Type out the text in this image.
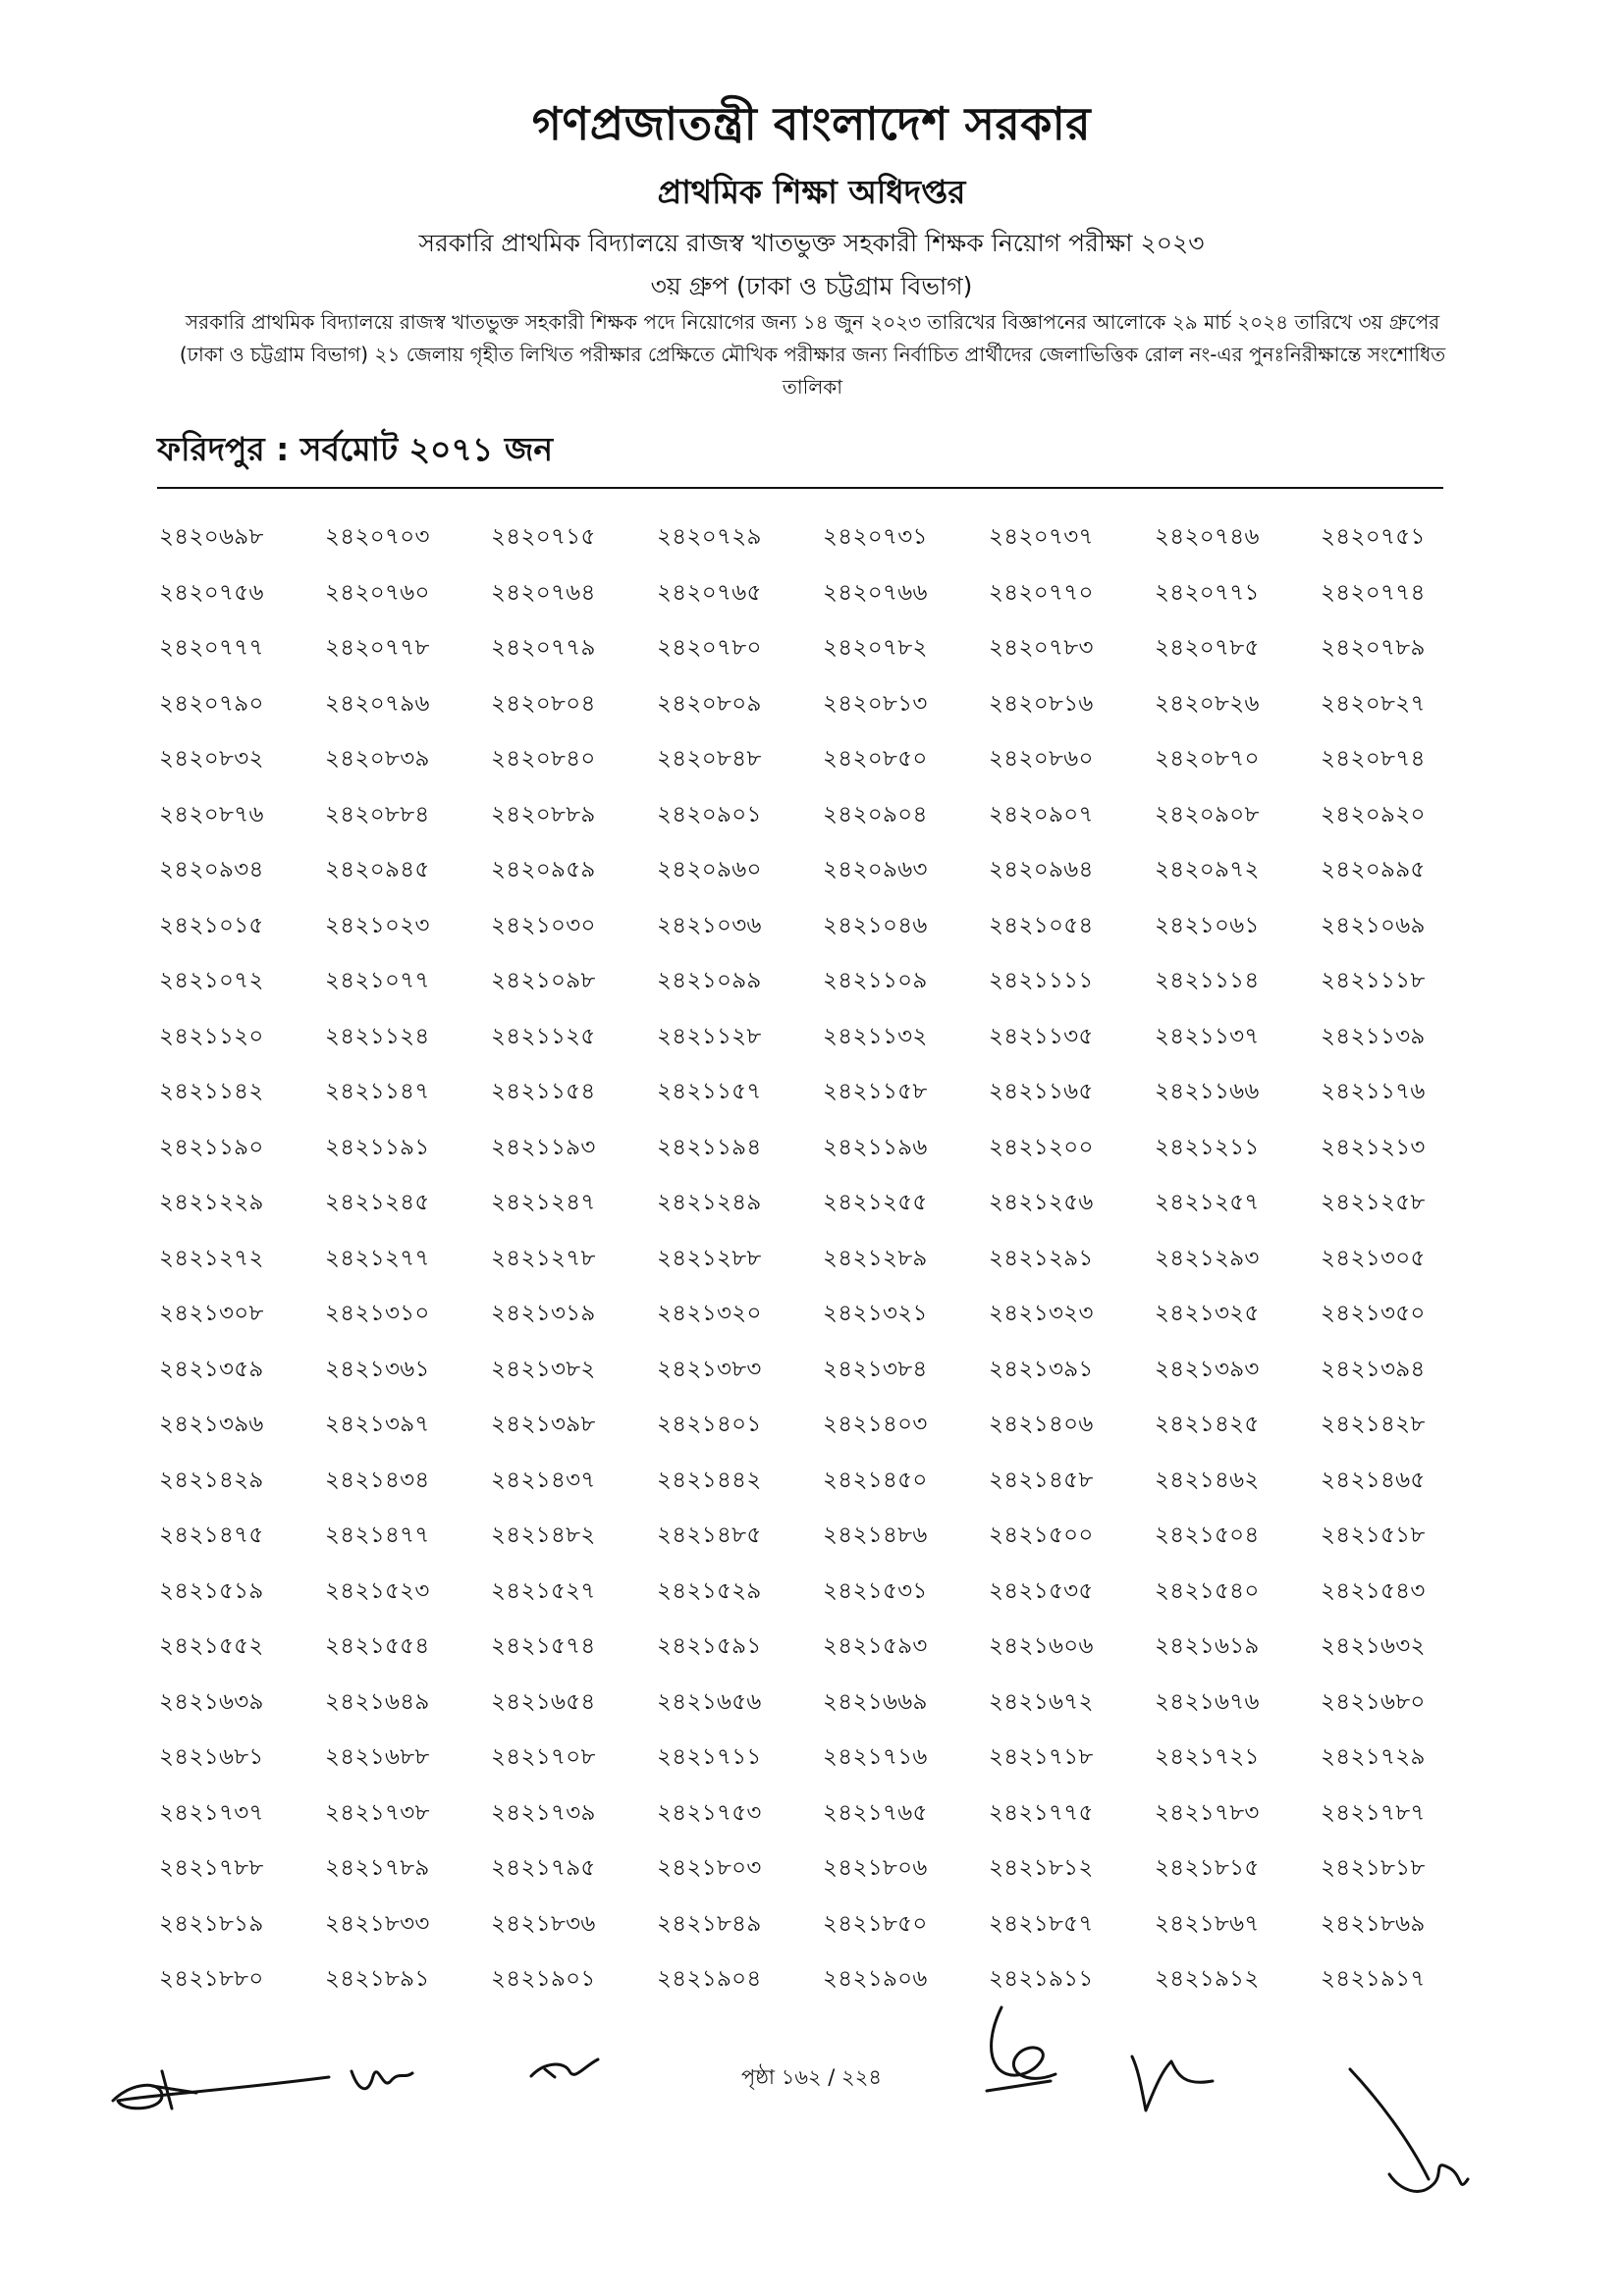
গণপ্রজাতন্ত্রী বাংলাদেশ সরকার
প্রাথমিক শিক্ষা অধিদপ্তর
সরকারি প্রাথমিক বিদ্যালয়ে রাজস্ব খাতভুক্ত সহকারী শিক্ষক নিয়োগ পরীক্ষা ২০২৩
৩য় গ্রুপ (ঢাকা ও চট্টগ্রাম বিভাগ)
সরকারি প্রাথমিক বিদ্যালয়ে রাজস্ব খাতভুক্ত সহকারী শিক্ষক পদে নিয়োগের জন্য ১৪ জুন ২০২৩ তারিখের বিজ্ঞাপনের আলোকে ২৯ মার্চ ২০২৪ তারিখে ৩য় গ্রুপের (ঢাকা ও চট্টগ্রাম বিভাগ) ২১ জেলায় গৃহীত লিখিত পরীক্ষার প্রেক্ষিতে মৌখিক পরীক্ষার জন্য নির্বাচিত প্রার্থীদের জেলাভিত্তিক রোল নং-এর পুনঃনিরীক্ষান্তে সংশোধিত তালিকা
ফরিদপুর : সর্বমোট ২০৭১ জন
২৪২০৬৯৮	২৪২০৭০৩	২৪২০৭১৫	২৪২০৭২৯	২৪২০৭৩১	২৪২০৭৩৭	২৪২০৭৪৬	২৪২০৭৫১
২৪২০৭৫৬	২৪২০৭৬০	২৪২০৭৬৪	২৪২০৭৬৫	২৪২০৭৬৬	২৪২০৭৭০	২৪২০৭৭১	২৪২০৭৭৪
২৪২০৭৭৭	২৪২০৭৭৮	২৪২০৭৭৯	২৪২০৭৮০	২৪২০৭৮২	২৪২০৭৮৩	২৪২০৭৮৫	২৪২০৭৮৯
২৪২০৭৯০	২৪২০৭৯৬	২৪২০৮০৪	২৪২০৮০৯	২৪২০৮১৩	২৪২০৮১৬	২৪২০৮২৬	২৪২০৮২৭
২৪২০৮৩২	২৪২০৮৩৯	২৪২০৮৪০	২৪২০৮৪৮	২৪২০৮৫০	২৪২০৮৬০	২৪২০৮৭০	২৪২০৮৭৪
২৪২০৮৭৬	২৪২০৮৮৪	২৪২০৮৮৯	২৪২০৯০১	২৪২০৯০৪	২৪২০৯০৭	২৪২০৯০৮	২৪২০৯২০
২৪২০৯৩৪	২৪২০৯৪৫	২৪২০৯৫৯	২৪২০৯৬০	২৪২০৯৬৩	২৪২০৯৬৪	২৪২০৯৭২	২৪২০৯৯৫
২৪২১০১৫	২৪২১০২৩	২৪২১০৩০	২৪২১০৩৬	২৪২১০৪৬	২৪২১০৫৪	২৪২১০৬১	২৪২১০৬৯
২৪২১০৭২	২৪২১০৭৭	২৪২১০৯৮	২৪২১০৯৯	২৪২১১০৯	২৪২১১১১	২৪২১১১৪	২৪২১১১৮
২৪২১১২০	২৪২১১২৪	২৪২১১২৫	২৪২১১২৮	২৪২১১৩২	২৪২১১৩৫	২৪২১১৩৭	২৪২১১৩৯
২৪২১১৪২	২৪২১১৪৭	২৪২১১৫৪	২৪২১১৫৭	২৪২১১৫৮	২৪২১১৬৫	২৪২১১৬৬	২৪২১১৭৬
২৪২১১৯০	২৪২১১৯১	২৪২১১৯৩	২৪২১১৯৪	২৪২১১৯৬	২৪২১২০০	২৪২১২১১	২৪২১২১৩
২৪২১২২৯	২৪২১২৪৫	২৪২১২৪৭	২৪২১২৪৯	২৪২১২৫৫	২৪২১২৫৬	২৪২১২৫৭	২৪২১২৫৮
২৪২১২৭২	২৪২১২৭৭	২৪২১২৭৮	২৪২১২৮৮	২৪২১২৮৯	২৪২১২৯১	২৪২১২৯৩	২৪২১৩০৫
২৪২১৩০৮	২৪২১৩১০	২৪২১৩১৯	২৪২১৩২০	২৪২১৩২১	২৪২১৩২৩	২৪২১৩২৫	২৪২১৩৫০
২৪২১৩৫৯	২৪২১৩৬১	২৪২১৩৮২	২৪২১৩৮৩	২৪২১৩৮৪	২৪২১৩৯১	২৪২১৩৯৩	২৪২১৩৯৪
২৪২১৩৯৬	২৪২১৩৯৭	২৪২১৩৯৮	২৪২১৪০১	২৪২১৪০৩	২৪২১৪০৬	২৪২১৪২৫	২৪২১৪২৮
২৪২১৪২৯	২৪২১৪৩৪	২৪২১৪৩৭	২৪২১৪৪২	২৪২১৪৫০	২৪২১৪৫৮	২৪২১৪৬২	২৪২১৪৬৫
২৪২১৪৭৫	২৪২১৪৭৭	২৪২১৪৮২	২৪২১৪৮৫	২৪২১৪৮৬	২৪২১৫০০	২৪২১৫০৪	২৪২১৫১৮
২৪২১৫১৯	২৪২১৫২৩	২৪২১৫২৭	২৪২১৫২৯	২৪২১৫৩১	২৪২১৫৩৫	২৪২১৫৪০	২৪২১৫৪৩
২৪২১৫৫২	২৪২১৫৫৪	২৪২১৫৭৪	২৪২১৫৯১	২৪২১৫৯৩	২৪২১৬০৬	২৪২১৬১৯	২৪২১৬৩২
২৪২১৬৩৯	২৪২১৬৪৯	২৪২১৬৫৪	২৪২১৬৫৬	২৪২১৬৬৯	২৪২১৬৭২	২৪২১৬৭৬	২৪২১৬৮০
২৪২১৬৮১	২৪২১৬৮৮	২৪২১৭০৮	২৪২১৭১১	২৪২১৭১৬	২৪২১৭১৮	২৪২১৭২১	২৪২১৭২৯
২৪২১৭৩৭	২৪২১৭৩৮	২৪২১৭৩৯	২৪২১৭৫৩	২৪২১৭৬৫	২৪২১৭৭৫	২৪২১৭৮৩	২৪২১৭৮৭
২৪২১৭৮৮	২৪২১৭৮৯	২৪২১৭৯৫	২৪২১৮০৩	২৪২১৮০৬	২৪২১৮১২	২৪২১৮১৫	২৪২১৮১৮
২৪২১৮১৯	২৪২১৮৩৩	২৪২১৮৩৬	২৪২১৮৪৯	২৪২১৮৫০	২৪২১৮৫৭	২৪২১৮৬৭	২৪২১৮৬৯
২৪২১৮৮০	২৪২১৮৯১	২৪২১৯০১	২৪২১৯০৪	২৪২১৯০৬	২৪২১৯১১	২৪২১৯১২	২৪২১৯১৭
পৃষ্ঠা ১৬২ / ২২৪
